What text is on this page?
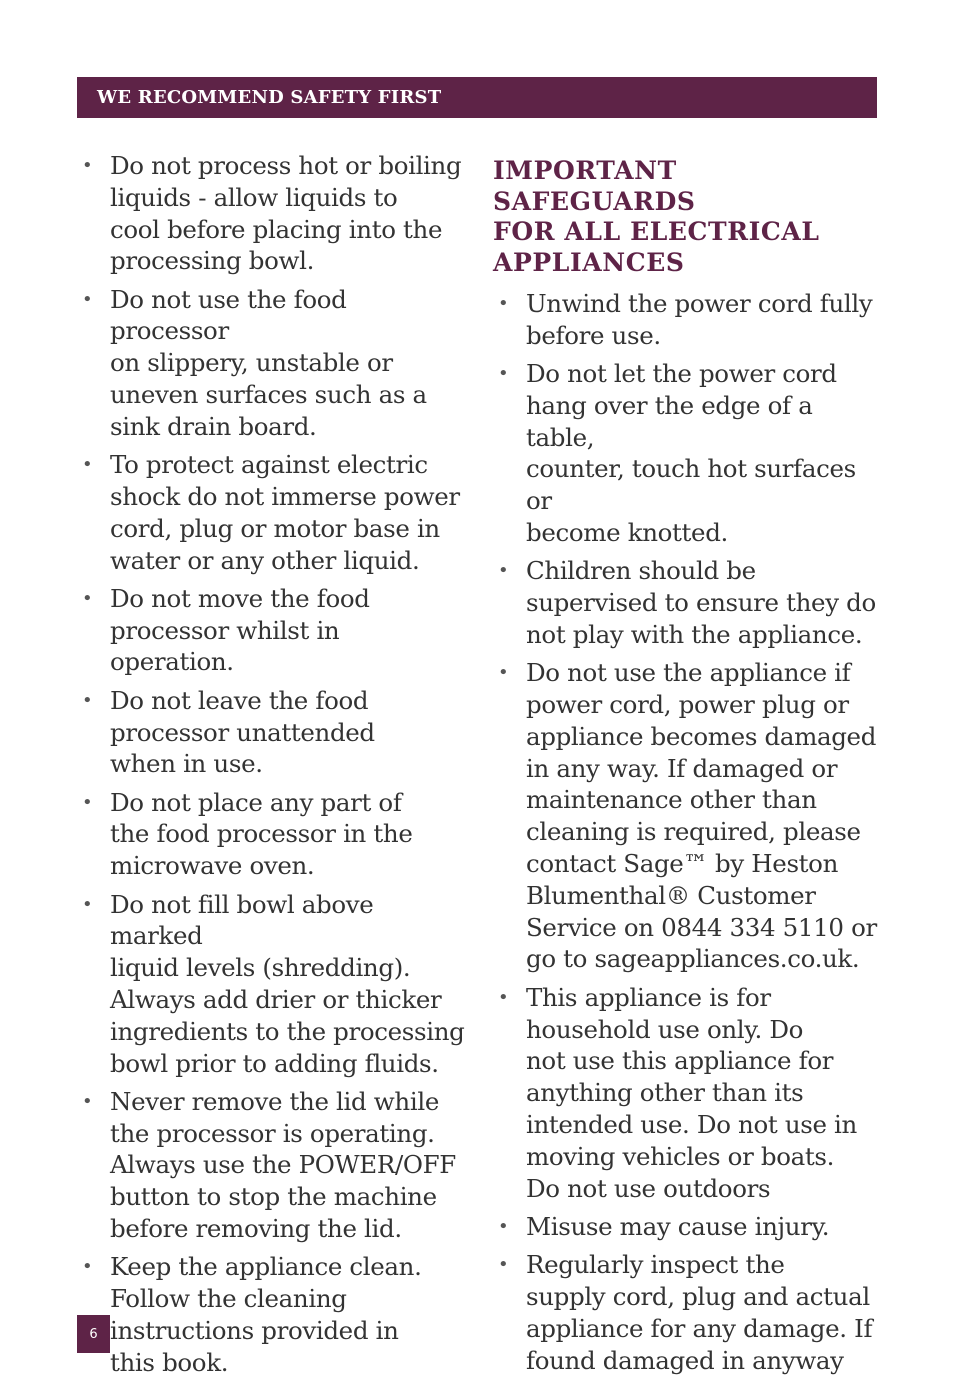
WE RECOMMEND SAFETY FIRST
• Do not process hot or boiling
liquids - allow liquids to
cool before placing into the
processing bowl.
• Do not use the food processor
on slippery, unstable or
uneven surfaces such as a
sink drain board.
• To protect against electric
shock do not immerse power
cord, plug or motor base in
water or any other liquid.
• Do not move the food
processor whilst in operation.
• Do not leave the food
processor unattended
when in use.
• Do not place any part of
the food processor in the
microwave oven.
• Do not fill bowl above marked
liquid levels (shredding).
Always add drier or thicker
ingredients to the processing
bowl prior to adding fluids.
• Never remove the lid while
the processor is operating.
Always use the POWER/OFF
button to stop the machine
before removing the lid.
• Keep the appliance clean.
Follow the cleaning
instructions provided in
this book.
IMPORTANT SAFEGUARDS
FOR ALL ELECTRICAL
APPLIANCES
• Unwind the power cord fully
before use.
• Do not let the power cord
hang over the edge of a table,
counter, touch hot surfaces or
become knotted.
• Children should be
supervised to ensure they do
not play with the appliance.
• Do not use the appliance if
power cord, power plug or
appliance becomes damaged
in any way. If damaged or
maintenance other than
cleaning is required, please
contact Sage™ by Heston
Blumenthal® Customer
Service on 0844 334 5110 or
go to sageappliances.co.uk.
• This appliance is for
household use only. Do
not use this appliance for
anything other than its
intended use. Do not use in
moving vehicles or boats.
Do not use outdoors
• Misuse may cause injury.
• Regularly inspect the
supply cord, plug and actual
appliance for any damage. If
found damaged in anyway
6
